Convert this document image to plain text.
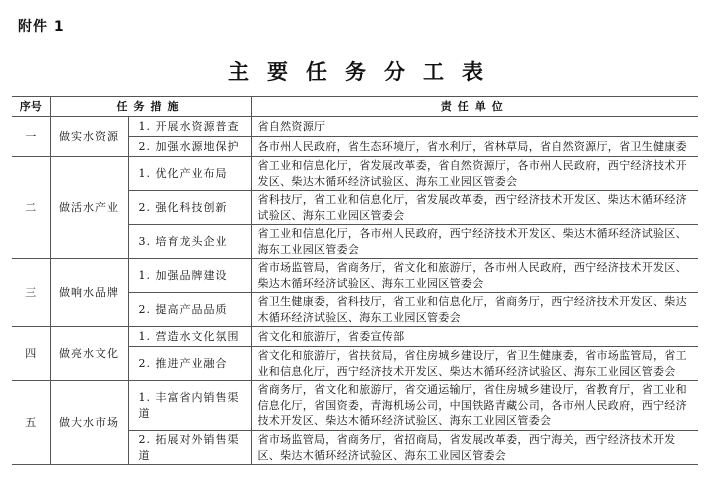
附件 1
主要任务分工表
序号	任务措施		责任单位
一	做实水资源	1. 开展水资源普查	省自然资源厅
		2. 加强水源地保护	各市州人民政府，省生态环境厅，省水利厅，省林草局，省自然资源厅，省卫生健康委
二	做活水产业	1. 优化产业布局	省工业和信息化厅，省发展改革委，省自然资源厅，各市州人民政府，西宁经济技术开发区、柴达木循环经济试验区、海东工业园区管委会
		2. 强化科技创新	省科技厅，省工业和信息化厅，省发展改革委，西宁经济技术开发区、柴达木循环经济试验区、海东工业园区管委会
		3. 培育龙头企业	省工业和信息化厅，各市州人民政府，西宁经济技术开发区、柴达木循环经济试验区、海东工业园区管委会
三	做响水品牌	1. 加强品牌建设	省市场监管局，省商务厅，省文化和旅游厅，各市州人民政府，西宁经济技术开发区、柴达木循环经济试验区、海东工业园区管委会
		2. 提高产品品质	省卫生健康委，省科技厅，省工业和信息化厅，省商务厅，西宁经济技术开发区、柴达木循环经济试验区、海东工业园区管委会
四	做亮水文化	1. 营造水文化氛围	省文化和旅游厅，省委宣传部
		2. 推进产业融合	省文化和旅游厅，省扶贫局，省住房城乡建设厅，省卫生健康委，省市场监管局，省工业和信息化厅，西宁经济技术开发区、柴达木循环经济试验区、海东工业园区管委会
五	做大水市场	1. 丰富省内销售渠道	省商务厅，省文化和旅游厅，省交通运输厅，省住房城乡建设厅，省教育厅，省工业和信息化厅，省国资委，青海机场公司，中国铁路青藏公司，各市州人民政府，西宁经济技术开发区、柴达木循环经济试验区、海东工业园区管委会
		2. 拓展对外销售渠道	省市场监管局，省商务厅，省招商局，省发展改革委，西宁海关，西宁经济技术开发区、柴达木循环经济试验区、海东工业园区管委会
